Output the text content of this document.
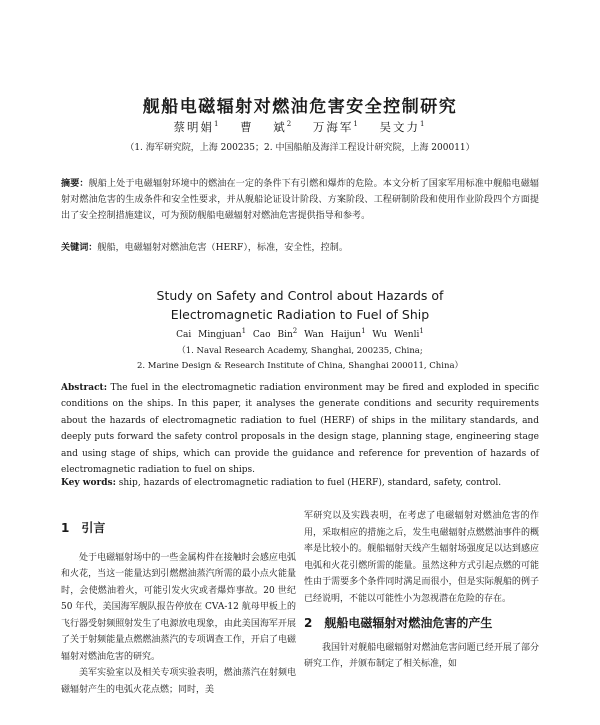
舰船电磁辐射对燃油危害安全控制研究
蔡明娟$^1$ 曹 斌$^2$ 万海军$^1$ 吴文力$^1$
（1. 海军研究院，上海 200235；2. 中国船舶及海洋工程设计研究院，上海 200011）

摘要：舰船上处于电磁辐射环境中的燃油在一定的条件下有引燃和爆炸的危险。本文分析了国家军用标准中舰船电磁辐射对燃油危害的生成条件和安全性要求，并从舰船论证设计阶段、方案阶段、工程研制阶段和使用作业阶段四个方面提出了安全控制措施建议，可为预防舰船电磁辐射对燃油危害提供指导和参考。

关键词：舰船，电磁辐射对燃油危害（HERF），标准，安全性，控制。

Study on Safety and Control about Hazards of
Electromagnetic Radiation to Fuel of Ship
Cai Mingjuan$^1$ Cao Bin$^2$ Wan Haijun$^1$ Wu Wenli$^1$
（1. Naval Research Academy, Shanghai, 200235, China;
2. Marine Design & Research Institute of China, Shanghai 200011, China）

Abstract: The fuel in the electromagnetic radiation environment may be fired and exploded in specific conditions on the ships. In this paper, it analyses the generate conditions and security requirements about the hazards of electromagnetic radiation to fuel (HERF) of ships in the military standards, and deeply puts forward the safety control proposals in the design stage, planning stage, engineering stage and using stage of ships, which can provide the guidance and reference for prevention of hazards of electromagnetic radiation to fuel on ships.

Key words: ship, hazards of electromagnetic radiation to fuel (HERF), standard, safety, control.

1 引言

处于电磁辐射场中的一些金属构件在接触时会感应电弧和火花，当这一能量达到引燃燃油蒸汽所需的最小点火能量时，会使燃油着火，可能引发火灾或者爆炸事故。20 世纪 50 年代，美国海军舰队报告停放在 CVA-12 航母甲板上的飞行器受射频照射发生了电源放电现象，由此美国海军开展了关于射频能量点燃燃油蒸汽的专项调查工作，开启了电磁辐射对燃油危害的研究。

美军实验室以及相关专项实验表明，燃油蒸汽在射频电磁辐射产生的电弧火花点燃；同时，美

军研究以及实践表明，在考虑了电磁辐射对燃油危害的作用，采取相应的措施之后，发生电磁辐射点燃燃油事件的概率是比较小的。舰船辐射天线产生辐射场强度足以达到感应电弧和火花引燃所需的能量。虽然这种方式引起点燃的可能性由于需要多个条件同时满足而很小，但是实际舰船的例子已经说明，不能以可能性小为忽视潜在危险的存在。

2 舰船电磁辐射对燃油危害的产生

我国针对舰船电磁辐射对燃油危害问题已经开展了部分研究工作，并颁布制定了相关标准，如
